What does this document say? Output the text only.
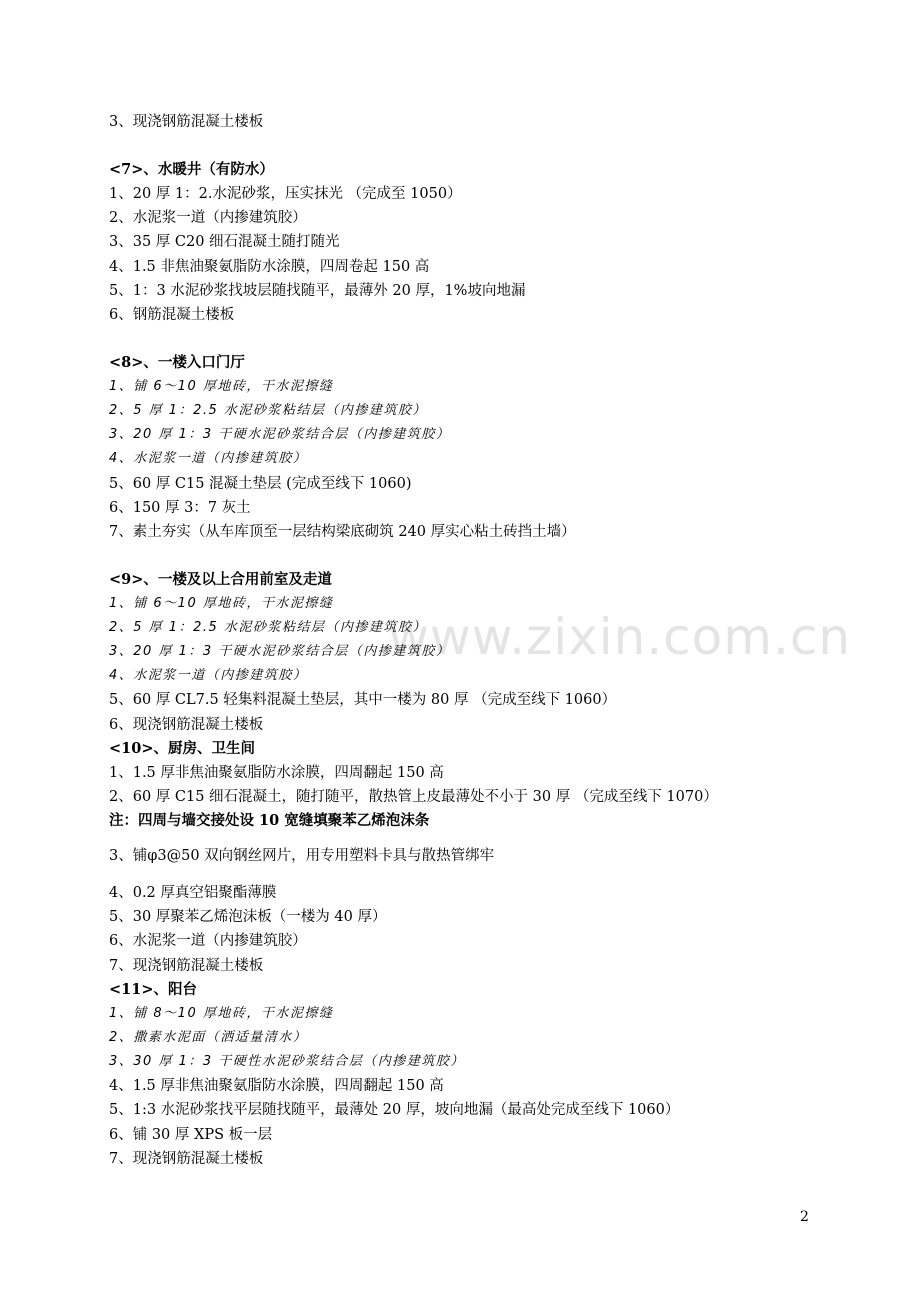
www.zixin.com.cn
3、现浇钢筋混凝土楼板
<7>、水暖井（有防水）
1、20 厚 1：2.水泥砂浆，压实抹光 （完成至 1050）
2、水泥浆一道（内掺建筑胶）
3、35 厚 C20 细石混凝土随打随光
4、1.5 非焦油聚氨脂防水涂膜，四周卷起 150 高
5、1：3 水泥砂浆找坡层随找随平，最薄外 20 厚，1%坡向地漏
6、钢筋混凝土楼板
<8>、一楼入口门厅
1、铺 6～10 厚地砖，干水泥擦缝
2、5 厚 1：2.5 水泥砂浆粘结层（内掺建筑胶）
3、20 厚 1：3 干硬水泥砂浆结合层（内掺建筑胶）
4、水泥浆一道（内掺建筑胶）
5、60 厚 C15 混凝土垫层 (完成至线下 1060)
6、150 厚 3：7 灰土
7、素土夯实（从车库顶至一层结构梁底砌筑 240 厚实心粘土砖挡土墙）
<9>、一楼及以上合用前室及走道
1、铺 6～10 厚地砖，干水泥擦缝
2、5 厚 1：2.5 水泥砂浆粘结层（内掺建筑胶）
3、20 厚 1：3 干硬水泥砂浆结合层（内掺建筑胶）
4、水泥浆一道（内掺建筑胶）
5、60 厚 CL7.5 轻集料混凝土垫层，其中一楼为 80 厚 （完成至线下 1060）
6、现浇钢筋混凝土楼板
<10>、厨房、卫生间
1、1.5 厚非焦油聚氨脂防水涂膜，四周翻起 150 高
2、60 厚 C15 细石混凝土，随打随平，散热管上皮最薄处不小于 30 厚 （完成至线下 1070）
注：四周与墙交接处设 10 宽缝填聚苯乙烯泡沫条
3、铺φ3@50 双向钢丝网片，用专用塑料卡具与散热管绑牢
4、0.2 厚真空铝聚酯薄膜
5、30 厚聚苯乙烯泡沫板（一楼为 40 厚）
6、水泥浆一道（内掺建筑胶）
7、现浇钢筋混凝土楼板
<11>、阳台
1、铺 8～10 厚地砖，干水泥擦缝
2、撒素水泥面（洒适量清水）
3、30 厚 1：3 干硬性水泥砂浆结合层（内掺建筑胶）
4、1.5 厚非焦油聚氨脂防水涂膜，四周翻起 150 高
5、1:3 水泥砂浆找平层随找随平，最薄处 20 厚，坡向地漏（最高处完成至线下 1060）
6、铺 30 厚 XPS 板一层
7、现浇钢筋混凝土楼板
2
